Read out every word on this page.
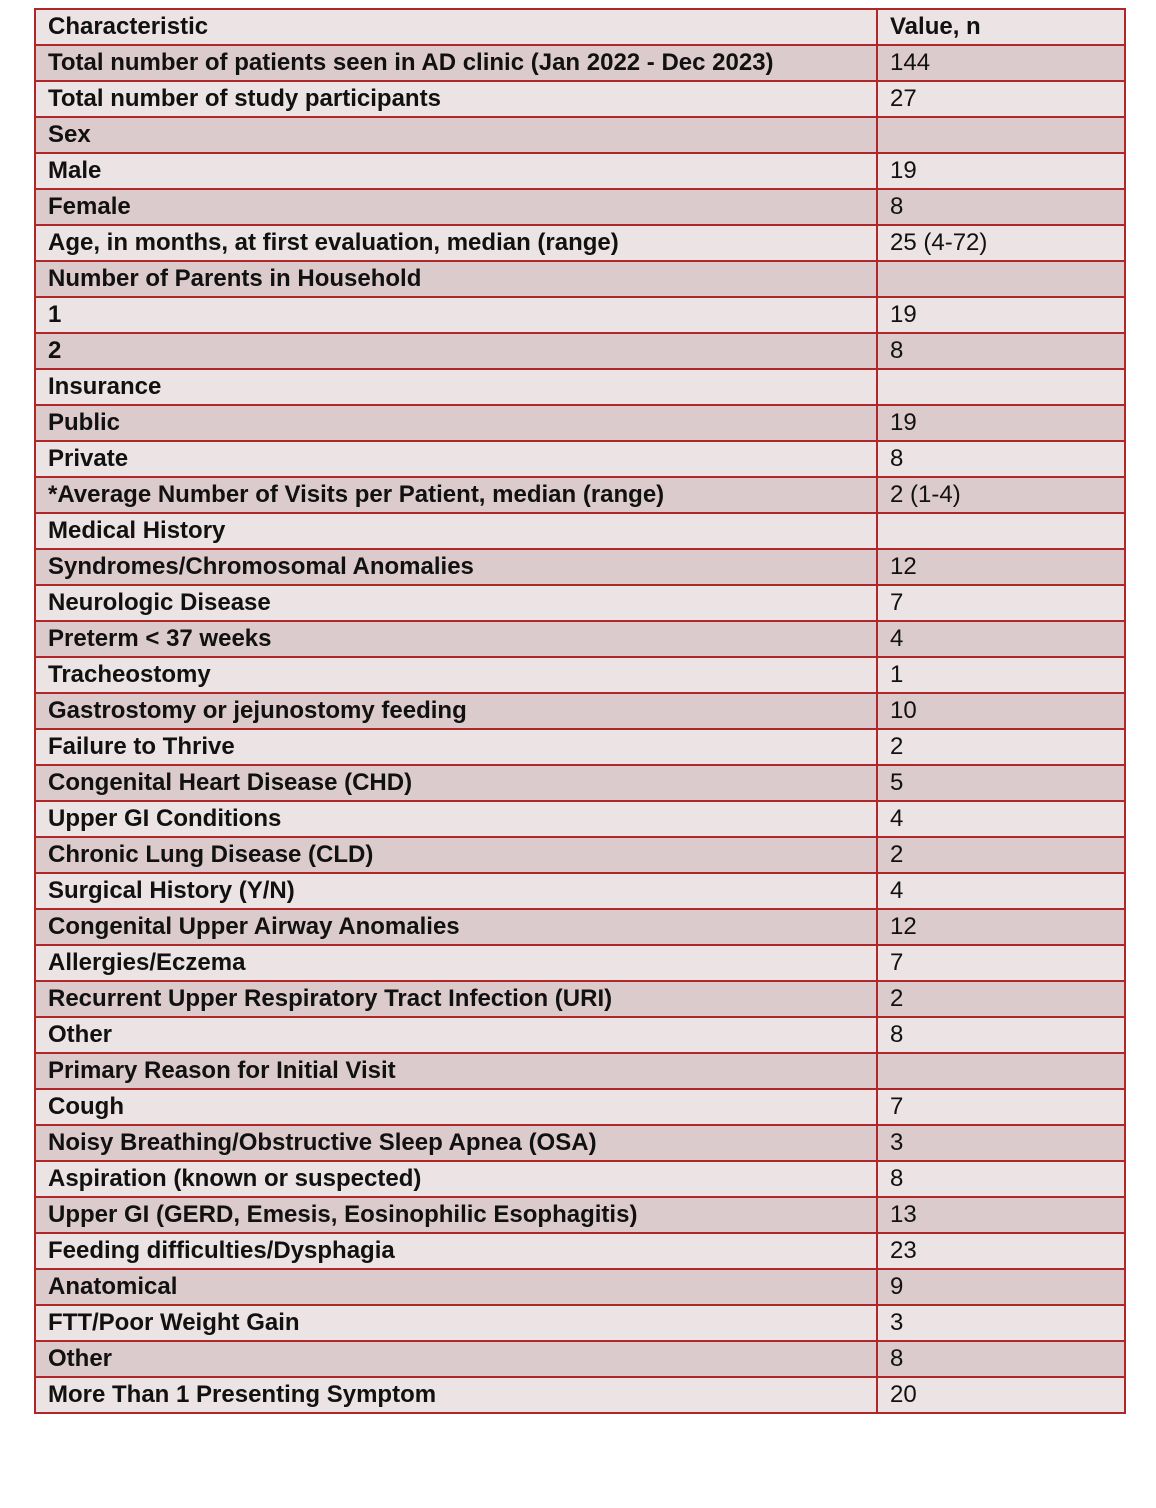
Characteristic	Value, n
Total number of patients seen in AD clinic (Jan 2022 - Dec 2023)	144
Total number of study participants	27
Sex	
Male	19
Female	8
Age, in months, at first evaluation, median (range)	25 (4-72)
Number of Parents in Household	
1	19
2	8
Insurance	
Public	19
Private	8
*Average Number of Visits per Patient, median (range)	2 (1-4)
Medical History	
Syndromes/Chromosomal Anomalies	12
Neurologic Disease	7
Preterm < 37 weeks	4
Tracheostomy	1
Gastrostomy or jejunostomy feeding	10
Failure to Thrive	2
Congenital Heart Disease (CHD)	5
Upper GI Conditions	4
Chronic Lung Disease (CLD)	2
Surgical History (Y/N)	4
Congenital Upper Airway Anomalies	12
Allergies/Eczema	7
Recurrent Upper Respiratory Tract Infection (URI)	2
Other	8
Primary Reason for Initial Visit	
Cough	7
Noisy Breathing/Obstructive Sleep Apnea (OSA)	3
Aspiration (known or suspected)	8
Upper GI (GERD, Emesis, Eosinophilic Esophagitis)	13
Feeding difficulties/Dysphagia	23
Anatomical	9
FTT/Poor Weight Gain	3
Other	8
More Than 1 Presenting Symptom	20
